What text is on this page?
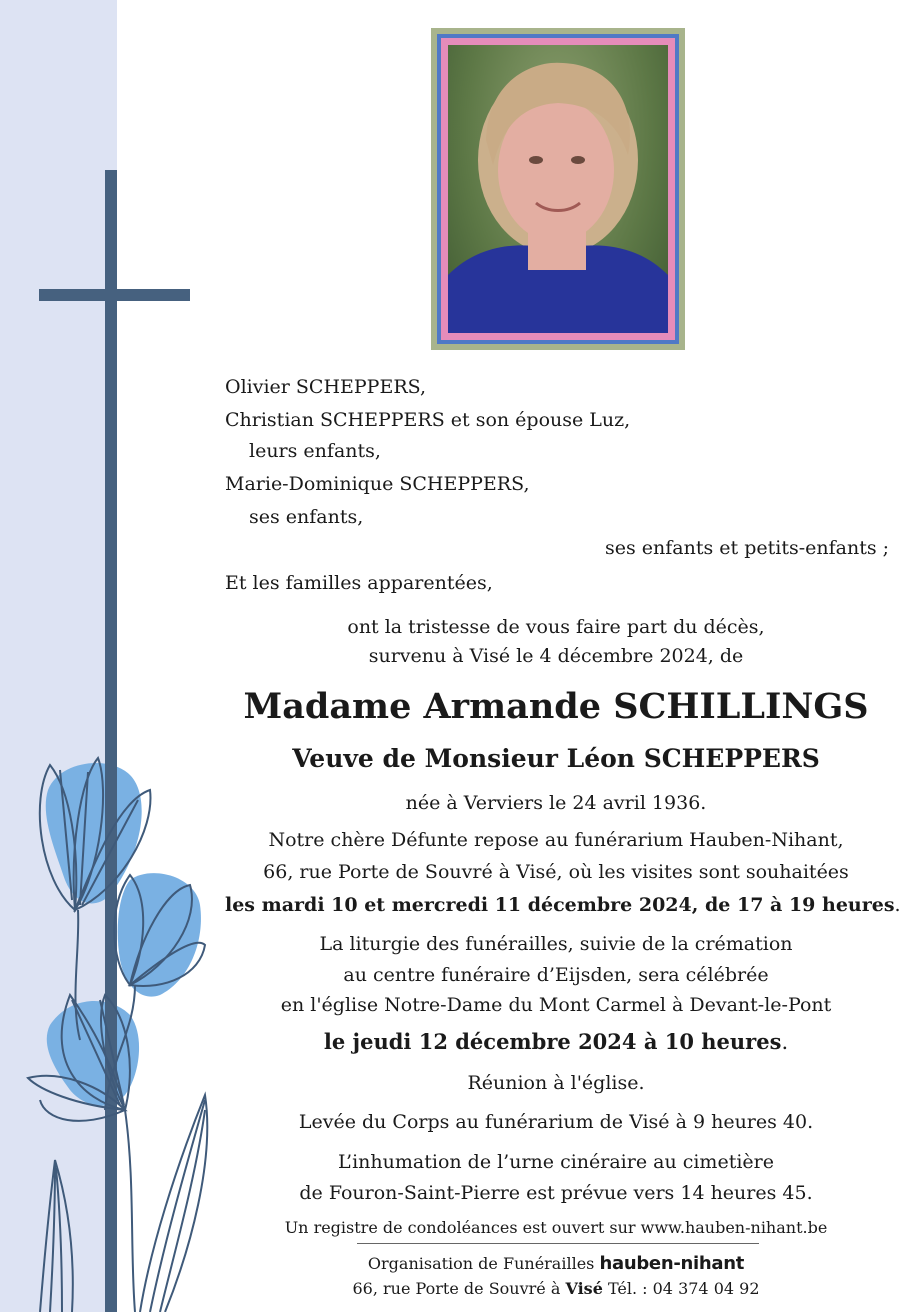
Olivier SCHEPPERS,
Christian SCHEPPERS et son épouse Luz,
leurs enfants,
Marie-Dominique SCHEPPERS,
ses enfants,
ses enfants et petits-enfants ;
Et les familles apparentées,
ont la tristesse de vous faire part du décès,
survenu à Visé le 4 décembre 2024, de
Madame Armande SCHILLINGS
Veuve de Monsieur Léon SCHEPPERS
née à Verviers le 24 avril 1936.
Notre chère Défunte repose au funérarium Hauben-Nihant,
66, rue Porte de Souvré à Visé, où les visites sont souhaitées
les mardi 10 et mercredi 11 décembre 2024, de 17 à 19 heures.
La liturgie des funérailles, suivie de la crémation
au centre funéraire d’Eijsden, sera célébrée
en l'église Notre-Dame du Mont Carmel à Devant-le-Pont
le jeudi 12 décembre 2024 à 10 heures.
Réunion à l'église.
Levée du Corps au funérarium de Visé à 9 heures 40.
L’inhumation de l’urne cinéraire au cimetière
de Fouron-Saint-Pierre est prévue vers 14 heures 45.
Un registre de condoléances est ouvert sur www.hauben-nihant.be
Organisation de Funérailles hauben-nihant
66, rue Porte de Souvré à Visé Tél. : 04 374 04 92
